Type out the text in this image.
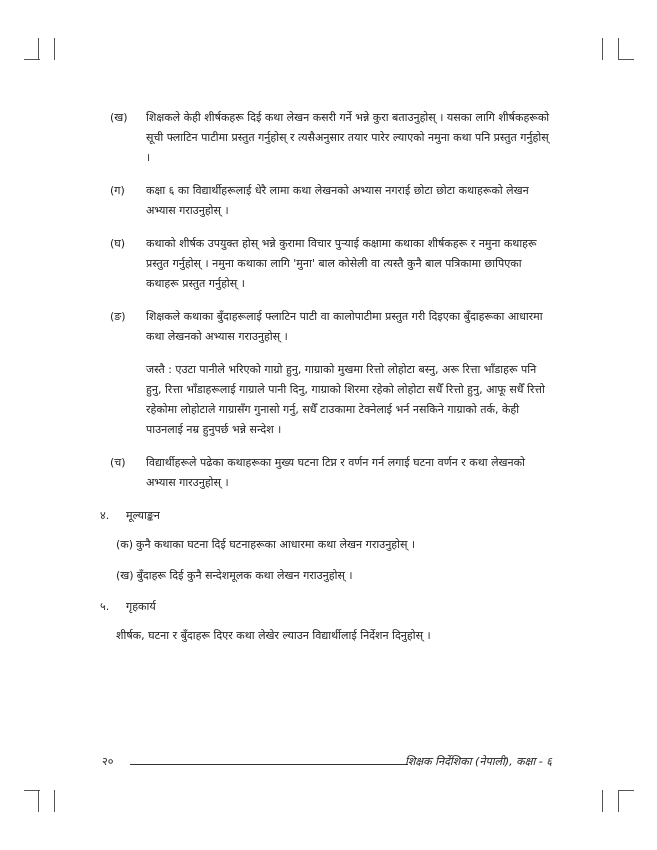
(ख)	शिक्षकले केही शीर्षकहरू दिई कथा लेखन कसरी गर्ने भन्ने कुरा बताउनुहोस् । यसका लागि शीर्षकहरूको सूची फ्लाटिन पाटीमा प्रस्तुत गर्नुहोस् र त्यसैअनुसार तयार पारेर ल्याएको नमुना कथा पनि प्रस्तुत गर्नुहोस् ।
(ग)	कक्षा ६ का विद्यार्थीहरूलाई धेरै लामा कथा लेखनको अभ्यास नगराई छोटा छोटा कथाहरूको लेखन अभ्यास गराउनुहोस् ।
(घ)	कथाको शीर्षक उपयुक्त होस् भन्ने कुरामा विचार पुऱ्याई कक्षामा कथाका शीर्षकहरू र नमुना कथाहरू प्रस्तुत गर्नुहोस् । नमुना कथाका लागि 'मुना' बाल कोसेली वा त्यस्तै कुनै बाल पत्रिकामा छापिएका कथाहरू प्रस्तुत गर्नुहोस् ।
(ङ)	शिक्षकले कथाका बुँदाहरूलाई फ्लाटिन पाटी वा कालोपाटीमा प्रस्तुत गरी दिइएका बुँदाहरूका आधारमा कथा लेखनको अभ्यास गराउनुहोस् ।
जस्तै : एउटा पानीले भरिएको गाग्रो हुनु, गाग्राको मुखमा रित्तो लोहोटा बस्नु, अरू रित्ता भाँडाहरू पनि हुनु, रित्ता भाँडाहरूलाई गाग्राले पानी दिनु, गाग्राको शिरमा रहेको लोहोटा सधैँ रित्तो हुनु, आफू सधैँ रित्तो रहेकोमा लोहोटाले गाग्रासँग गुनासो गर्नु, सधैँ टाउकामा टेक्नेलाई भर्न नसकिने गाग्राको तर्क, केही पाउनलाई नम्र हुनुपर्छ भन्ने सन्देश ।
(च)	विद्यार्थीहरूले पढेका कथाहरूका मुख्य घटना टिप्न र वर्णन गर्न लगाई घटना वर्णन र कथा लेखनको अभ्यास गारउनुहोस् ।
४.	मूल्याङ्कन
(क) कुनै कथाका घटना दिई घटनाहरूका आधारमा कथा लेखन गराउनुहोस् ।
(ख) बुँदाहरू दिई कुनै सन्देशमूलक कथा लेखन गराउनुहोस् ।
५.	गृहकार्य
शीर्षक, घटना र बुँदाहरू दिएर कथा लेखेर ल्याउन विद्यार्थीलाई निर्देशन दिनुहोस् ।
२०	शिक्षक निर्देशिका (नेपाली), कक्षा - ६
